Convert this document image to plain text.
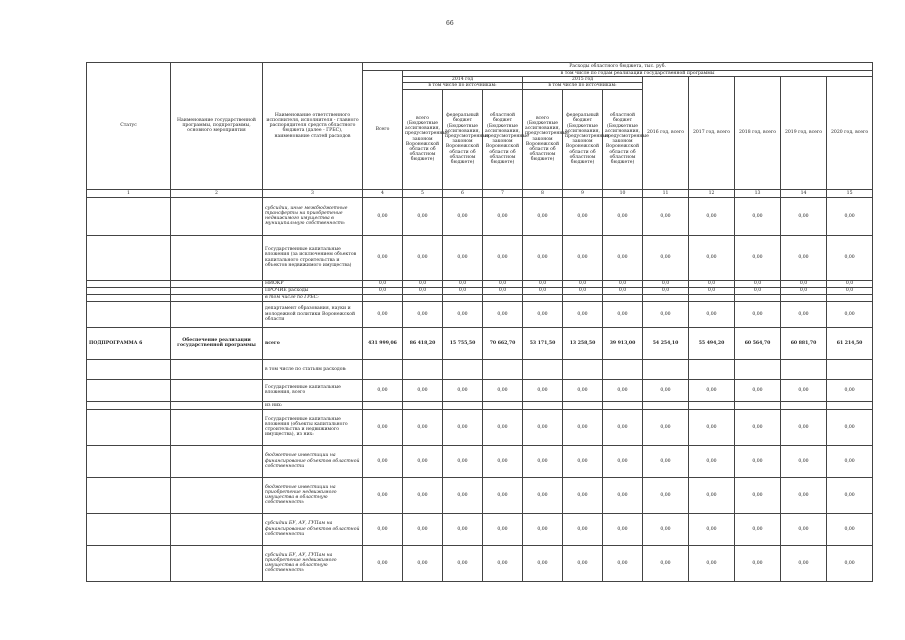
66
Статус	Наименование государственной программы, подпрограммы, основного мероприятия	Наименование ответственного исполнителя, исполнителя - главного распорядителя средств областного бюджета (далее - ГРБС), наименование статей расходов	Расходы областного бюджета, тыс. руб.											
			Всего	в том числе по годам реализации государственной программы										
				2014 год			2015 год			2016 год, всего	2017 год, всего	2018 год, всего	2019 год, всего	2020 год, всего
				в том числе по источникам:			в том числе по источникам:							
				всего (Бюджетные ассигнования, предусмотренные законом Воронежской области об областном бюджете)	федеральный бюджет (Бюджетные ассигнования, предусмотренные законом Воронежской области об областном бюджете)	областной бюджет (Бюджетные ассигнования, предусмотренные законом Воронежской области об областном бюджете)	всего (Бюджетные ассигнования, предусмотренные законом Воронежской области об областном бюджете)	федеральный бюджет (Бюджетные ассигнования, предусмотренные законом Воронежской области об областном бюджете)	областной бюджет (Бюджетные ассигнования, предусмотренные законом Воронежской области об областном бюджете)					
1	2	3	4	5	6	7	8	9	10	11	12	13	14	15
		субсидии, иные межбюджетные трансферты на приобретение недвижимого имущества в муниципальную собственность	0,00	0,00	0,00	0,00	0,00	0,00	0,00	0,00	0,00	0,00	0,00	0,00
		Государственные капитальные вложения (за исключением объектов капитального строительства и объектов недвижимого имущества)	0,00	0,00	0,00	0,00	0,00	0,00	0,00	0,00	0,00	0,00	0,00	0,00
		НИОКР	0,0	0,0	0,0	0,0	0,0	0,0	0,0	0,0	0,0	0,0	0,0	0,0
		ПРОЧИЕ расходы	0,0	0,0	0,0	0,0	0,0	0,0	0,0	0,0	0,0	0,0	0,0	0,0
		в том числе по ГРБС:												
		департамент образования, науки и молодежной политики Воронежской области	0,00	0,00	0,00	0,00	0,00	0,00	0,00	0,00	0,00	0,00	0,00	0,00
ПОДПРОГРАММА 6	Обеспечение реализации государственной программы	всего	431 999,06	86 418,20	15 755,50	70 662,70	53 171,50	13 258,50	39 913,00	54 254,10	55 494,20	60 564,70	60 881,70	61 214,50
		в том числе по статьям расходов:												
		Государственные капитальные вложения, всего	0,00	0,00	0,00	0,00	0,00	0,00	0,00	0,00	0,00	0,00	0,00	0,00
		из них:												
		Государственные капитальные вложения (объекты капитального строительства и недвижимого имущества), из них:	0,00	0,00	0,00	0,00	0,00	0,00	0,00	0,00	0,00	0,00	0,00	0,00
		бюджетные инвестиции на финансирование объектов областной собственности	0,00	0,00	0,00	0,00	0,00	0,00	0,00	0,00	0,00	0,00	0,00	0,00
		бюджетные инвестиции на приобретение недвижимого имущества в областную собственность	0,00	0,00	0,00	0,00	0,00	0,00	0,00	0,00	0,00	0,00	0,00	0,00
		субсидии БУ, АУ, ГУПам на финансирование объектов областной собственности	0,00	0,00	0,00	0,00	0,00	0,00	0,00	0,00	0,00	0,00	0,00	0,00
		субсидии БУ, АУ, ГУПам на приобретение недвижимого имущества в областную собственность	0,00	0,00	0,00	0,00	0,00	0,00	0,00	0,00	0,00	0,00	0,00	0,00
